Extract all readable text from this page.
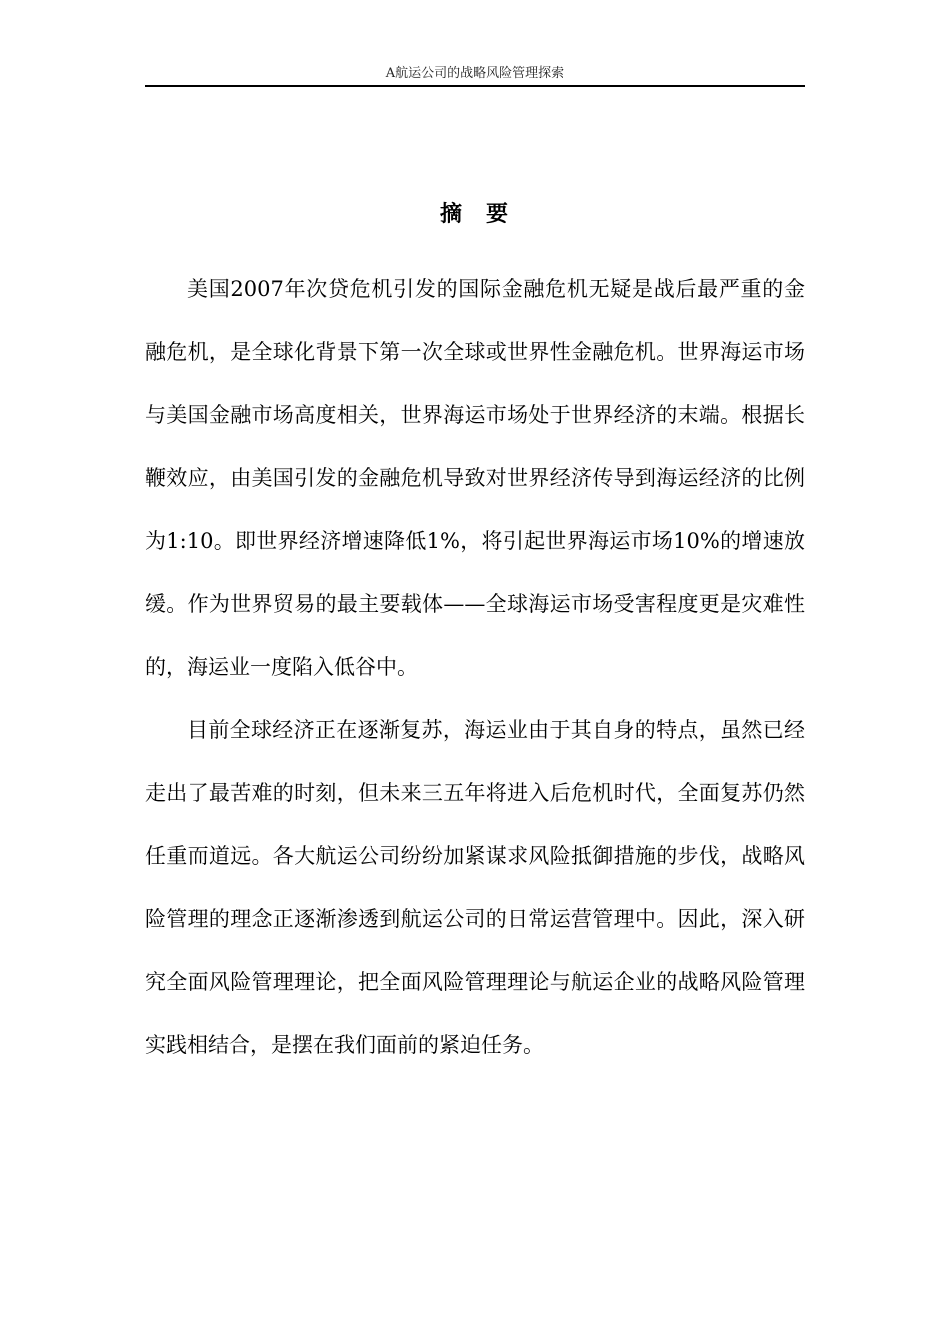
A航运公司的战略风险管理探索
摘 要

美国2007年次贷危机引发的国际金融危机无疑是战后最严重的金融危机，是全球化背景下第一次全球或世界性金融危机。世界海运市场与美国金融市场高度相关，世界海运市场处于世界经济的末端。根据长鞭效应，由美国引发的金融危机导致对世界经济传导到海运经济的比例为1:10。即世界经济增速降低1%，将引起世界海运市场10%的增速放缓。作为世界贸易的最主要载体——全球海运市场受害程度更是灾难性的，海运业一度陷入低谷中。

目前全球经济正在逐渐复苏，海运业由于其自身的特点，虽然已经走出了最苦难的时刻，但未来三五年将进入后危机时代，全面复苏仍然任重而道远。各大航运公司纷纷加紧谋求风险抵御措施的步伐，战略风险管理的理念正逐渐渗透到航运公司的日常运营管理中。因此，深入研究全面风险管理理论，把全面风险管理理论与航运企业的战略风险管理实践相结合，是摆在我们面前的紧迫任务。
